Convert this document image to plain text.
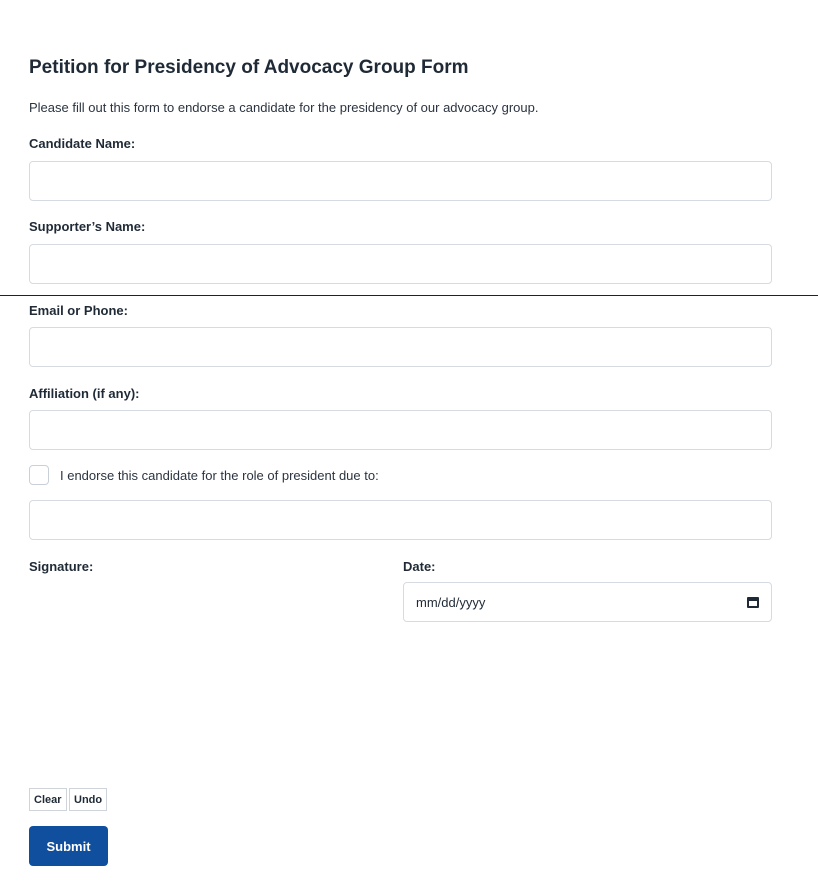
Petition for Presidency of Advocacy Group Form
Please fill out this form to endorse a candidate for the presidency of our advocacy group.
Candidate Name:
Supporter’s Name:
Email or Phone:
Affiliation (if any):
I endorse this candidate for the role of president due to:
Signature:	Date:
mm/dd/yyyy
Clear	Undo
Submit
